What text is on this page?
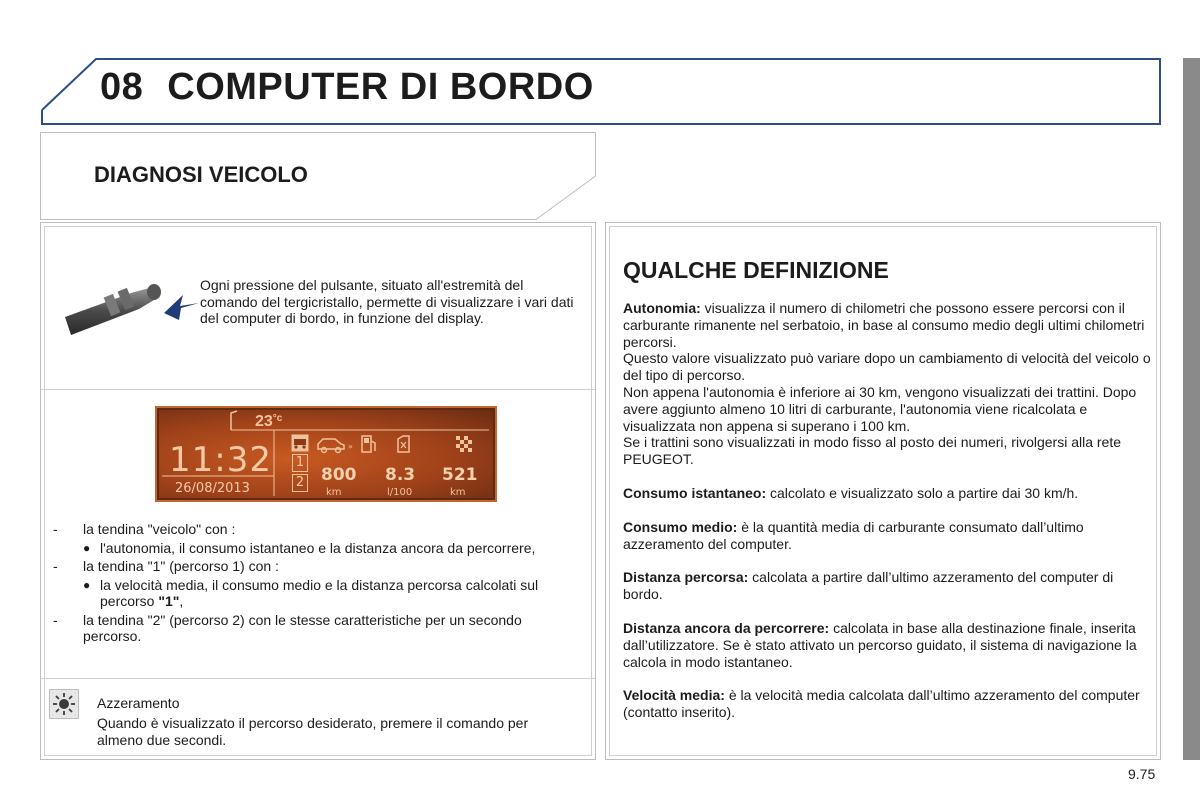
08 COMPUTER DI BORDO
DIAGNOSI VEICOLO
Ogni pressione del pulsante, situato all'estremità del comando del tergicristallo, permette di visualizzare i vari dati del computer di bordo, in funzione del display.
$23^{^\circ c}$
11:32
26/08/2013
1
2
»
800
km
8.3
l/100
521
km
- la tendina "veicolo" con :
● l'autonomia, il consumo istantaneo e la distanza ancora da percorrere,
- la tendina "1" (percorso 1) con :
● la velocità media, il consumo medio e la distanza percorsa calcolati sul percorso "1",
- la tendina "2" (percorso 2) con le stesse caratteristiche per un secondo percorso.
Azzeramento
Quando è visualizzato il percorso desiderato, premere il comando per almeno due secondi.
QUALCHE DEFINIZIONE
Autonomia: visualizza il numero di chilometri che possono essere percorsi con il carburante rimanente nel serbatoio, in base al consumo medio degli ultimi chilometri percorsi.
Questo valore visualizzato può variare dopo un cambiamento di velocità del veicolo o del tipo di percorso.
Non appena l'autonomia è inferiore ai 30 km, vengono visualizzati dei trattini. Dopo avere aggiunto almeno 10 litri di carburante, l'autonomia viene ricalcolata e visualizzata non appena si superano i 100 km.
Se i trattini sono visualizzati in modo fisso al posto dei numeri, rivolgersi alla rete PEUGEOT.
Consumo istantaneo: calcolato e visualizzato solo a partire dai 30 km/h.
Consumo medio: è la quantità media di carburante consumato dall’ultimo azzeramento del computer.
Distanza percorsa: calcolata a partire dall’ultimo azzeramento del computer di bordo.
Distanza ancora da percorrere: calcolata in base alla destinazione finale, inserita dall’utilizzatore. Se è stato attivato un percorso guidato, il sistema di navigazione la calcola in modo istantaneo.
Velocità media: è la velocità media calcolata dall’ultimo azzeramento del computer (contatto inserito).
9.75
